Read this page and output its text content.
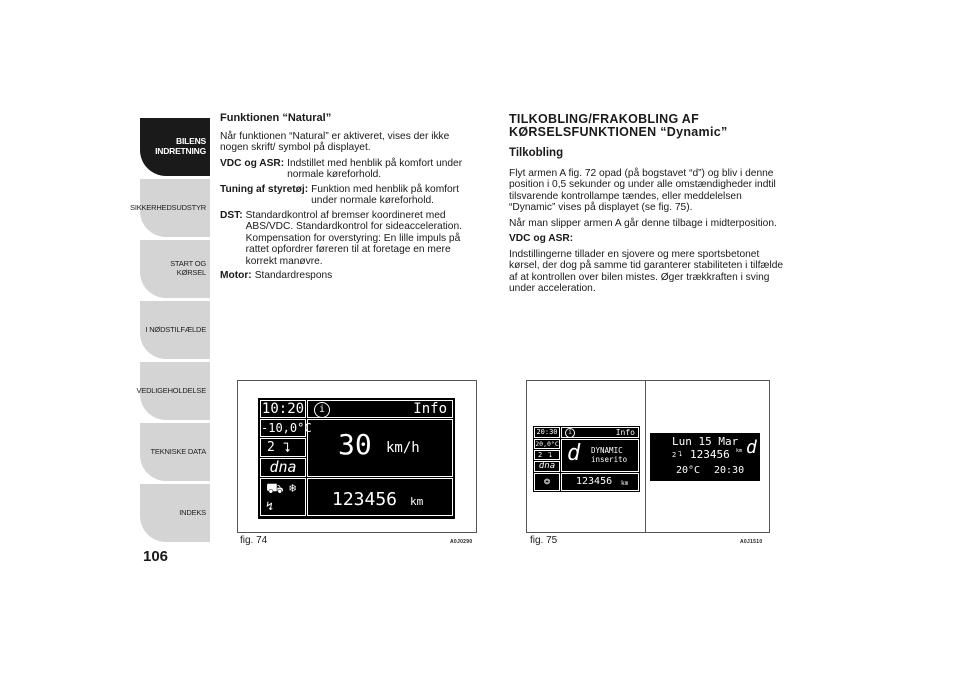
BILENS INDRETNING
SIKKERHEDSUDSTYR
START OG KØRSEL
I NØDSTILFÆLDE
VEDLIGEHOLDELSE
TEKNISKE DATA
INDEKS
106

Funktionen “Natural”

Når funktionen “Natural” er aktiveret, vises der ikke nogen skrift/ symbol på displayet.

VDC og ASR: Indstillet med henblik på komfort under normale køreforhold.
Tuning af styretøj: Funktion med henblik på komfort under normale køreforhold.
DST: Standardkontrol af bremser koordineret med ABS/VDC. Standardkontrol for sideacceleration. Kompensation for overstyring: En lille impuls på rattet opfordrer føreren til at foretage en mere korrekt manøvre.
Motor: Standardrespons

TILKOBLING/FRAKOBLING AF KØRSELSFUNKTIONEN “Dynamic”

Tilkobling

Flyt armen A fig. 72 opad (på bogstavet “d”) og bliv i denne position i 0,5 sekunder og under alle omstændigheder indtil tilsvarende kontrollampe tændes, eller meddelelsen “Dynamic” vises på displayet (se fig. 75).

Når man slipper armen A går denne tilbage i midterposition.

VDC og ASR:

Indstillingerne tillader en sjovere og mere sportsbetonet kørsel, der dog på samme tid garanterer stabiliteten i tilfælde af at kontrollen over bilen mistes. Øger trækkraften i sving under acceleration.

10:20	i	Info
-10,0°C
2 ⮧
dna
⛟ ❄
↯
30 km/h
123456 km
fig. 74	A0J0290
20:30	i	Info
20,0°C
2 ⮧
dna
❂
d DYNAMIC
inserito
123456 km
Lun 15 Mar
2 ⮧ 123456 km d
20°C 20:30
fig. 75	A0J1510
